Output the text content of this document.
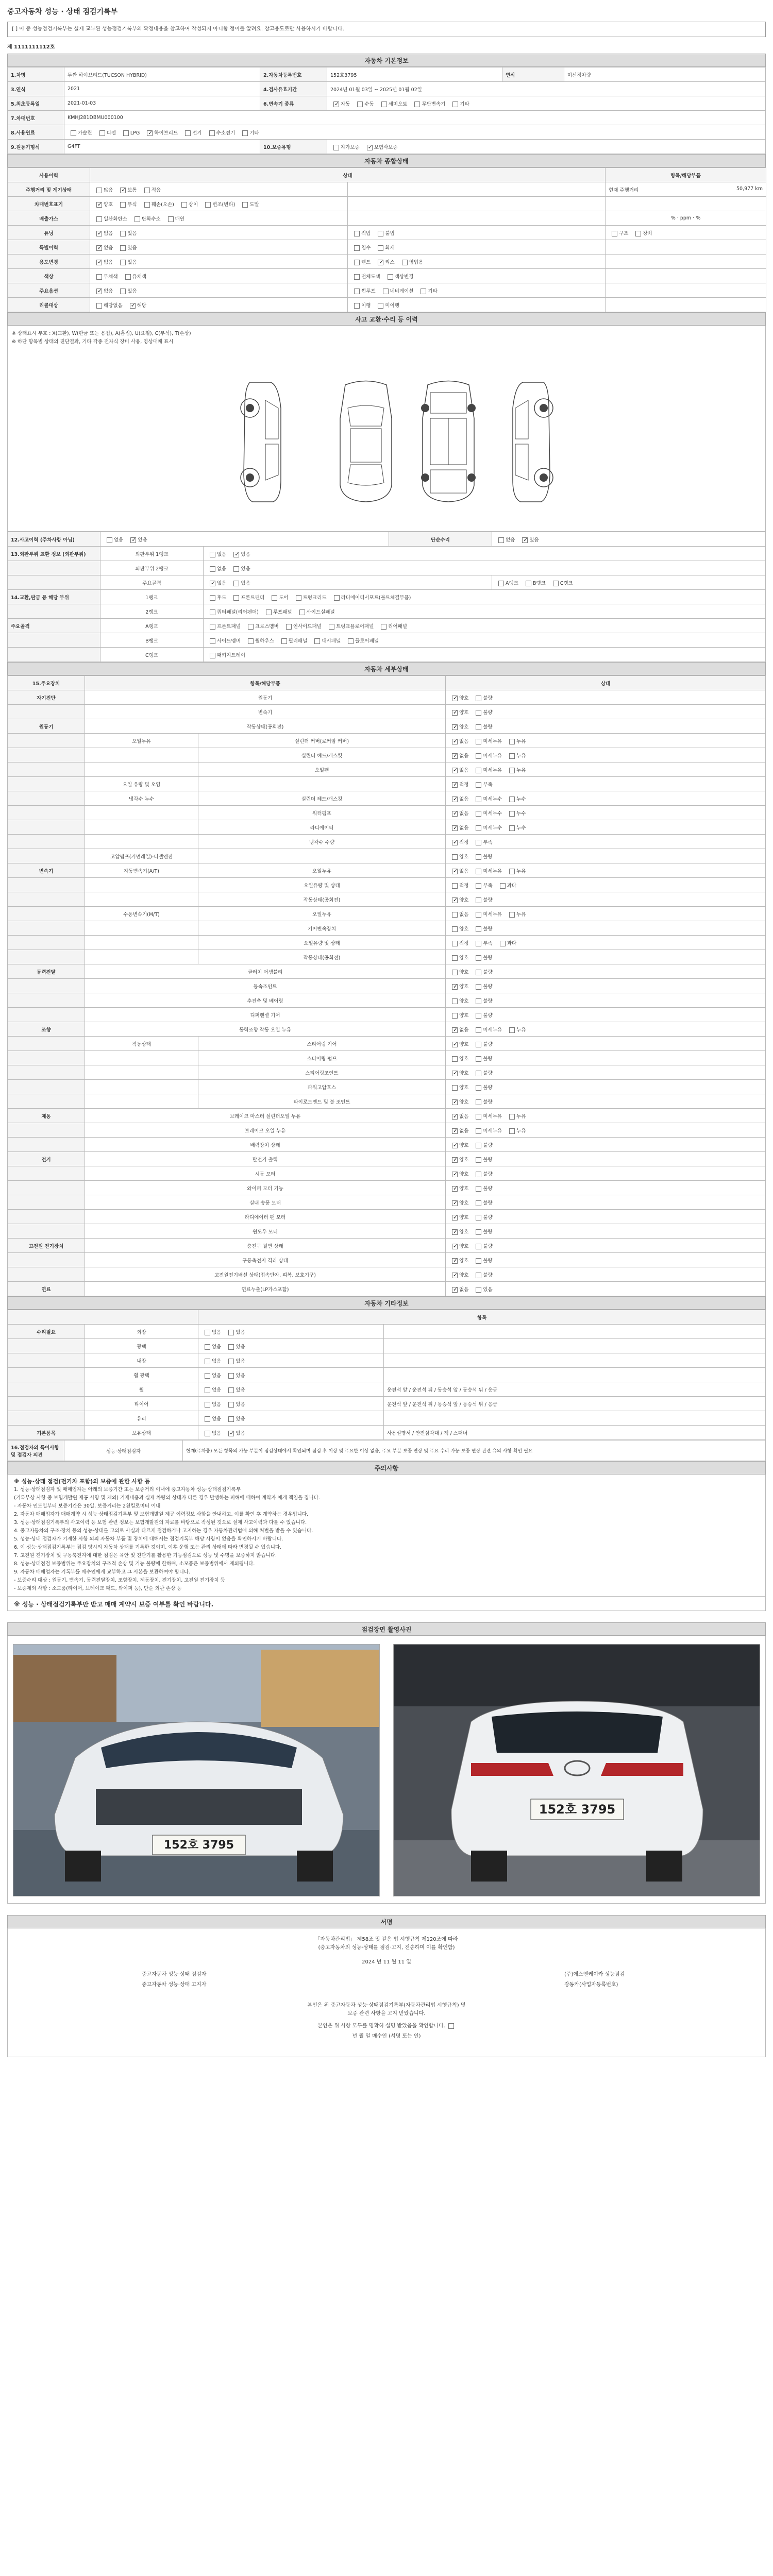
중고자동차 성능 · 상태 점검기록부
[ ] 이 중 성능점검기록부는 실제 교부된 성능점검기록부의 확정내용을 참고하여 작성되지 아니함 정이를 알려요. 참고용도로만 사용하시기 바랍니다.
제 1111111112호
자동차 기본정보
1.차명	투싼 하이브리드(TUCSON HYBRID)	2.자동차등록번호	152호3795	연식	미선정차량
3.연식	2021	4.검사유효기간	2024년 01월 03일 ~ 2025년 01월 02일		
5.최초등록일	2021-01-03	6.변속기 종류	✓자동 수동 세미오토 무단변속기 기타
7.차대번호	KMHJ281DBMU000100				
8.사용연료	가솔린 디젤 LPG ✓ 하이브리드 전기 수소전기 기타
9.원동기형식	G4FT	10.보증유형	자가보증 ✓ 보험사보증
자동차 종합상태
사용이력	상태		항목/해당부품
주행거리 및 계기상태	많음 ✓ 보통 적음		현재 주행거리 50,977 km

차대번호표기	✓양호 부식 훼손(오손) 상이 변조(변타) 도말		
배출가스	일산화탄소 탄화수소 매연		% · ppm · %
튜닝	✓없음 있음	적법 불법	구조 장치
특별이력	✓없음 있음	침수 화재	
용도변경	✓없음 있음	렌트 ✓ 리스 영업용	
색상	무채색 유채색	전체도색 색상변경	
주요옵션	✓없음 있음	썬루프 네비게이션 기타	
리콜대상	해당없음 ✓ 해당	이행 미이행	
사고 교환·수리 등 이력
※ 상태표시 부호 : X(교환), W(판금 또는 용접), A(흠집), U(요철), C(부식), T(손상)
※ 하단 항목별 상태의 진단결과, 기타 각종 전자식 장비 사용, 영상대체 표시
12.사고이력 (주차사항 아님)	없음 ✓ 있음		단순수리	없음 ✓ 있음
13.외판부위 교환 정보 (외판부위)	외판부위 1랭크	없음 ✓ 있음
	외판부위 2랭크	없음 있음		
	주요골격	✓없음 있음		A랭크 B랭크 C랭크
14.교환,판금 등 해당 부위	1랭크	후드 프론트펜더 도어 트렁크리드 라디에이터서포트(볼트체결부품)		
	2랭크	쿼터패널(리어펜더) 루프패널 사이드실패널		
주요골격	A랭크	프론트패널 크로스멤버 인사이드패널 트렁크플로어패널 리어패널		
	B랭크	사이드멤버 휠하우스 필러패널 대시패널 플로어패널		
	C랭크	패키지트레이		
자동차 세부상태
15.주요장치	항목/해당부품		상태
자기진단	원동기	✓양호 불량
	변속기	✓양호 불량
원동기	작동상태(공회전)	✓양호 불량
	오일누유	실린더 커버(로커암 커버)	✓없음 미세누유 누유
		실린더 헤드/개스킷	✓없음 미세누유 누유
		오일팬	✓없음 미세누유 누유
	오일 유량 및 오염		✓적정 부족
	냉각수 누수	실린더 헤드/개스킷	✓없음 미세누수 누수
		워터펌프	✓없음 미세누수 누수
		라디에이터	✓없음 미세누수 누수
		냉각수 수량	✓적정 부족
	고압펌프(커먼레일)-디젤엔진		양호 불량
변속기	자동변속기(A/T)	오일누유	✓없음 미세누유 누유
		오일유량 및 상태	적정 부족 과다
		작동상태(공회전)	✓양호 불량
	수동변속기(M/T)	오일누유	없음 미세누유 누유
		기어변속장치	양호 불량
		오일유량 및 상태	적정 부족 과다
		작동상태(공회전)	양호 불량
동력전달	클러치 어셈블리		양호 불량
	등속조인트	✓양호 불량
	추진축 및 베어링		양호 불량
	디퍼렌셜 기어		양호 불량
조향	동력조향 작동 오일 누유	✓없음 미세누유 누유
	작동상태	스티어링 기어	✓양호 불량
		스티어링 펌프	양호 불량
		스티어링조인트	✓양호 불량
		파워고압호스	양호 불량
		타이로드엔드 및 볼 조인트	✓양호 불량
제동	브레이크 마스터 실린더오일 누유	✓없음 미세누유 누유
	브레이크 오일 누유	✓없음 미세누유 누유
	배력장치 상태	✓양호 불량
전기	발전기 출력	✓양호 불량
	시동 모터	✓양호 불량
	와이퍼 모터 기능	✓양호 불량
	실내 송풍 모터	✓양호 불량
	라디에이터 팬 모터	✓양호 불량
	윈도우 모터	✓양호 불량
고전원 전기장치	충전구 절연 상태	✓양호 불량
	구동축전지 격리 상태	✓양호 불량
	고전원전기배선 상태(접속단자, 피복, 보호기구)	✓양호 불량
연료	연료누출(LP가스포함)	✓없음 있음
자동차 기타정보
		항목	
수리필요	외장	없음 있음	
	광택	없음 있음	
	내장	없음 있음	
	휠 광택	없음 있음	
	휠	없음 있음	운전석 앞 / 운전석 뒤 / 동승석 앞 / 동승석 뒤 / 응급
	타이어	없음 있음	운전석 앞 / 운전석 뒤 / 동승석 앞 / 동승석 뒤 / 응급
	유리	없음 있음	
기본품목	보유상태	없음 ✓ 있음	사용설명서 / 안전삼각대 / 잭 / 스패너
16.점검자의 특이사항 및 점검자 의견	성능·상태점검자	현재(주차중) 모든 항목의 가능 부분이 점검상태에서 확인되며 점검 후 이상 및 주요한 이상 없음, 주요 부분 보증 연장 및 주요 수리 가능 보증 연장 관련 유의 사항 확인 필요
주의사항

※ 성능·상태 점검(전기차 포함)의 보증에 관한 사항 등

1. 성능·상태점검자 및 매매업자는 아래의 보증기간 또는 보증거리 이내에 중고자동차 성능·상태점검기록부

(기록부상 사항 중 보험개발원 제공 사항 및 제외) 기재내용과 실제 차량의 상태가 다른 경우 발생하는 피해에 대하여 계약자 에게 책임을 집니다.

- 자동차 인도일부터 보증기간은 30일, 보증거리는 2천킬로미터 이내

2. 자동차 매매업자가 매매계약 시 성능·상태점검기록부 및 보험개발원 제공 이력정보 사항을 안내하고, 이를 확인 후 계약하는 경우입니다.

3. 성능·상태점검기록부의 사고이력 등 보험 관련 정보는 보험개발원의 자료를 바탕으로 작성된 것으로 실제 사고이력과 다를 수 있습니다.

4. 중고자동차의 구조·장치 등의 성능·상태를 고의로 사실과 다르게 점검하거나 고지하는 경우 자동차관리법에 의해 처벌을 받을 수 있습니다.

5. 성능·상태 점검자가 기재한 사항 외의 자동차 부품 및 장치에 대해서는 점검기록부 해당 사항이 없음을 확인하시기 바랍니다.

6. 이 성능·상태점검기록부는 점검 당시의 자동차 상태를 기록한 것이며, 이후 운행 또는 관리 상태에 따라 변경될 수 있습니다.

7. 고전원 전기장치 및 구동축전지에 대한 점검은 육안 및 진단기를 활용한 기능점검으로 성능 및 수명을 보증하지 않습니다.

8. 성능·상태점검 보증범위는 주요장치의 구조적 손상 및 기능 불량에 한하며, 소모품은 보증범위에서 제외됩니다.

9. 자동차 매매업자는 기록부를 매수인에게 교부하고 그 사본을 보관하여야 합니다.

- 보증수리 대상 : 원동기, 변속기, 동력전달장치, 조향장치, 제동장치, 전기장치, 고전원 전기장치 등

- 보증제외 사항 : 소모품(타이어, 브레이크 패드, 와이퍼 등), 단순 외관 손상 등

※ 성능 · 상태점검기록부만 받고 매매 계약시 보증 여부를 확인 바랍니다.
점검장면 촬영사진
152호 3795
152호 3795
서명
「자동차관리법」 제58조 및 같은 법 시행규칙 제120조에 따라
(중고자동차의 성능·상태를 점검·고지, 전송하며 이를 확인함)
2024 년 11 월 11 일
중고자동차 성능·상태 점검자	(주)에스앤케이카 성능점검
중고자동차 성능·상태 고지자	강동카(사업자등록번호)
본인은 위 중고자동차 성능·상태점검기록부(자동차관리법 시행규칙) 및
보증 관련 사항을 고지 받았습니다.
본인은 위 사항 모두를 명확히 설명 받았음을 확인합니다.
년 월 일 매수인 (서명 또는 인)
